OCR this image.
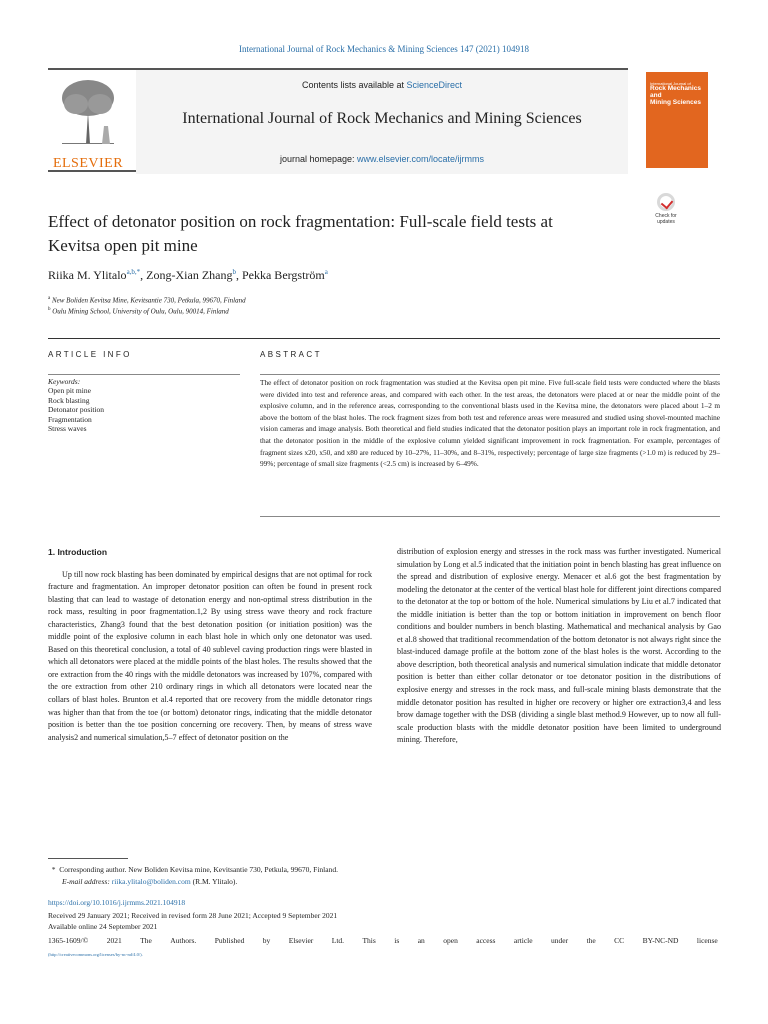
International Journal of Rock Mechanics & Mining Sciences 147 (2021) 104918
ELSEVIER
Contents lists available at ScienceDirect
International Journal of Rock Mechanics and Mining Sciences
journal homepage: www.elsevier.com/locate/ijrmms
International Journal of
Rock Mechanics
and
Mining Sciences
Effect of detonator position on rock fragmentation: Full-scale field tests at
Kevitsa open pit mine
Check for
updates
Riika M. Ylitalo$^{a,b,*}$, Zong-Xian Zhang$^b$, Pekka Bergström$^a$
$^a$ New Boliden Kevitsa Mine, Kevitsantie 730, Petkula, 99670, Finland
$^b$ Oulu Mining School, University of Oulu, Oulu, 90014, Finland
ARTICLE INFO	ABSTRACT
Keywords:
Open pit mine
Rock blasting
Detonator position
Fragmentation
Stress waves
The effect of detonator position on rock fragmentation was studied at the Kevitsa open pit mine. Five full-scale field tests were conducted where the blasts were divided into test and reference areas, and compared with each other. In the test areas, the detonators were placed at or near the middle point of the explosive column, and in the reference areas, corresponding to the conventional blasts used in the Kevitsa mine, the detonators were placed about 1–2 m above the bottom of the blast holes. The rock fragment sizes from both test and reference areas were measured and studied using shovel-mounted machine vision cameras and image analysis. Both theoretical and field studies indicated that the detonator position plays an important role in rock fragmentation, and that the detonator position in the middle of the explosive column yielded significant improvement in rock fragmentation. For example, percentages of fragment sizes x20, x50, and x80 are reduced by 10–27%, 11–30%, and 8–31%, respectively; percentage of large size fragments (>1.0 m) is reduced by 29–99%; percentage of small size fragments (<2.5 cm) is increased by 6–49%.
1. Introduction

Up till now rock blasting has been dominated by empirical designs that are not optimal for rock fracture and fragmentation. An improper detonator position can often be found in present rock blasting that can lead to wastage of detonation energy and non-optimal stress distribution in the rock mass, resulting in poor fragmentation.1,2 By using stress wave theory and rock fracture characteristics, Zhang3 found that the best detonation position (or initiation position) was the middle point of the explosive column in each blast hole in which only one detonator was used. Based on this theoretical conclusion, a total of 40 sublevel caving production rings were blasted in which all detonators were placed at the middle points of the blast holes. The results showed that the ore extraction from the 40 rings with the middle detonators was increased by 107%, compared with the ore extraction from other 210 ordinary rings in which all detonators were located near the collars of blast holes. Brunton et al.4 reported that ore recovery from the middle detonator rings was higher than that from the toe (or bottom) detonator rings, indicating that the middle detonator position is better than the toe position concerning ore recovery. Then, by means of stress wave analysis2 and numerical simulation,5–7 effect of detonator position on the

distribution of explosion energy and stresses in the rock mass was further investigated. Numerical simulation by Long et al.5 indicated that the initiation point in bench blasting has great influence on the spread and distribution of explosive energy. Menacer et al.6 got the best fragmentation by modeling the detonator at the center of the vertical blast hole for different joint directions compared to the detonator at the top or bottom of the hole. Numerical simulations by Liu et al.7 indicated that the middle initiation is better than the top or bottom initiation in improvement on bench floor conditions and boulder numbers in bench blasting. Mathematical and mechanical analysis by Gao et al.8 showed that traditional recommendation of the bottom detonator is not always right since the blast-induced damage profile at the bottom zone of the blast holes is the worst. According to the above description, both theoretical analysis and numerical simulation indicate that middle detonator position is better than either collar detonator or toe detonator position in the distributions of explosive energy and stresses in the rock mass, and full-scale mining blasts demonstrate that the middle detonator position has resulted in higher ore recovery or higher ore extraction3,4 and less brow damage together with the DSB (dividing a single blast method.9 However, up to now all full-scale production blasts with the middle detonator position have been limited to underground mining. Therefore,

* Corresponding author. New Boliden Kevitsa mine, Kevitsantie 730, Petkula, 99670, Finland.
E-mail address: riika.ylitalo@boliden.com (R.M. Ylitalo).
https://doi.org/10.1016/j.ijrmms.2021.104918
Received 29 January 2021; Received in revised form 28 June 2021; Accepted 9 September 2021
Available online 24 September 2021
1365-1609/© 2021 The Authors. Published by Elsevier Ltd. This is an open access article under the CC BY-NC-ND license
(http://creativecommons.org/licenses/by-nc-nd/4.0/).
